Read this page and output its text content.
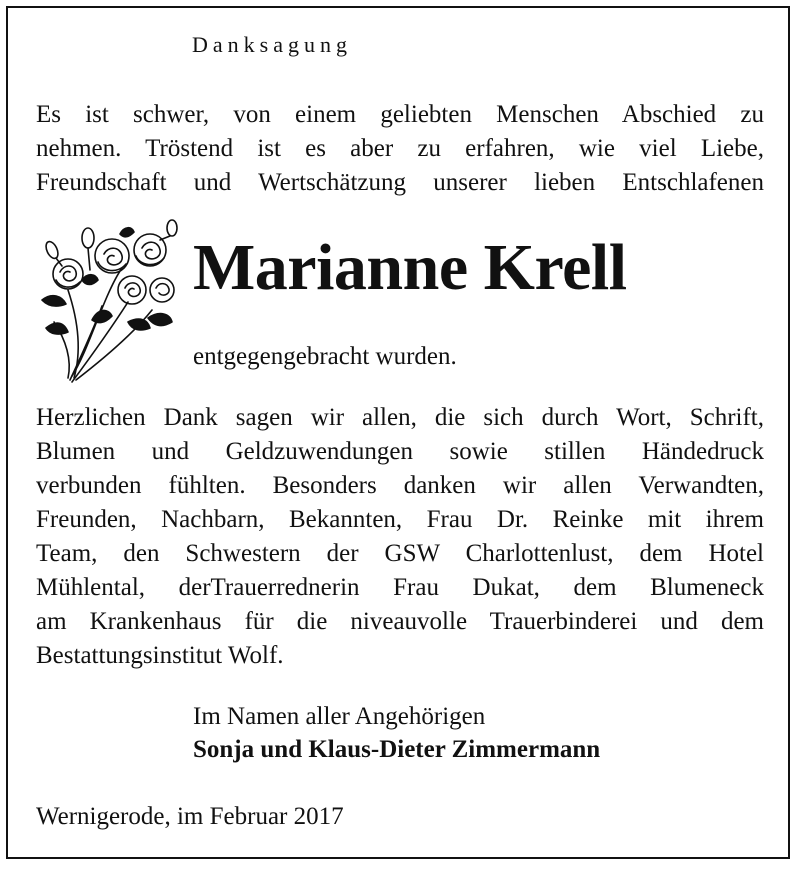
Danksagung

Es ist schwer, von einem geliebten Menschen Abschied zu
nehmen. Tröstend ist es aber zu erfahren, wie viel Liebe,
Freundschaft und Wertschätzung unserer lieben Entschlafenen

Marianne Krell
entgegengebracht wurden.

Herzlichen Dank sagen wir allen, die sich durch Wort, Schrift,
Blumen und Geldzuwendungen sowie stillen Händedruck
verbunden fühlten. Besonders danken wir allen Verwandten,
Freunden, Nachbarn, Bekannten, Frau Dr. Reinke mit ihrem
Team, den Schwestern der GSW Charlottenlust, dem Hotel
Mühlental, derTrauerrednerin Frau Dukat, dem Blumeneck
am Krankenhaus für die niveauvolle Trauerbinderei und dem
Bestattungsinstitut Wolf.

Im Namen aller Angehörigen
Sonja und Klaus-Dieter Zimmermann
Wernigerode, im Februar 2017
